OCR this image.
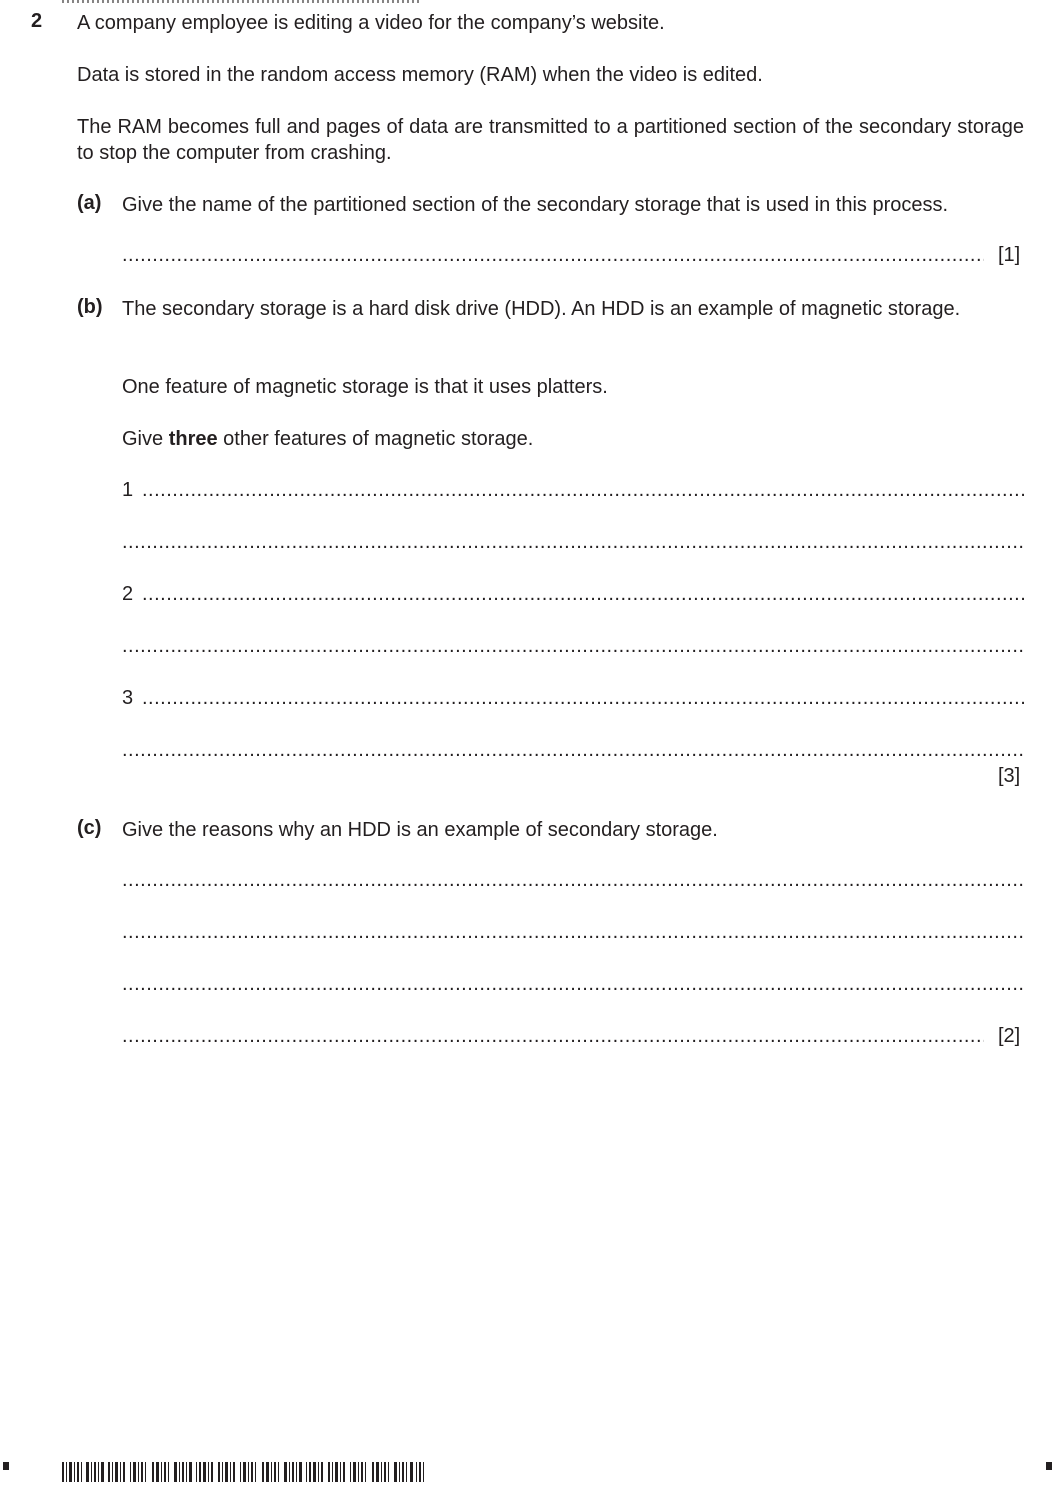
2 A company employee is editing a video for the company’s website.
Data is stored in the random access memory (RAM) when the video is edited.
The RAM becomes full and pages of data are transmitted to a partitioned section of the secondary storage to stop the computer from crashing.
(a) Give the name of the partitioned section of the secondary storage that is used in this process.
.....
[1]
(b) The secondary storage is a hard disk drive (HDD). An HDD is an example of magnetic storage.
One feature of magnetic storage is that it uses platters.
Give three other features of magnetic storage.
1
.....
.....
2
.....
.....
3
.....
.....
[3]
(c) Give the reasons why an HDD is an example of secondary storage.
.....
.....
.....
.....
[2]
